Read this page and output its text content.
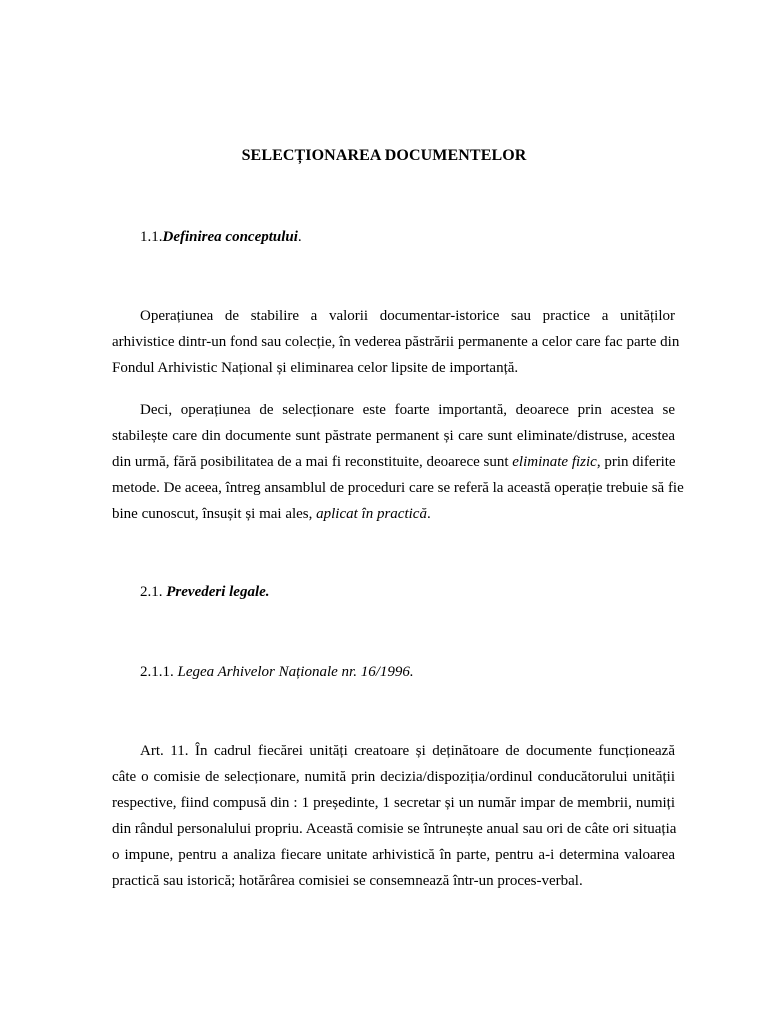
SELECȚIONAREA DOCUMENTELOR
1.1.Definirea conceptului.
Operațiunea de stabilire a valorii documentar-istorice sau practice a unităților
arhivistice dintr-un fond sau colecție, în vederea păstrării permanente a celor care fac parte din
Fondul Arhivistic Național și eliminarea celor lipsite de importanță.
Deci, operațiunea de selecționare este foarte importantă, deoarece prin acestea se
stabilește care din documente sunt păstrate permanent și care sunt eliminate/distruse, acestea
din urmă, fără posibilitatea de a mai fi reconstituite, deoarece sunt eliminate fizic, prin diferite
metode. De aceea, întreg ansamblul de proceduri care se referă la această operație trebuie să fie
bine cunoscut, însușit și mai ales, aplicat în practică.
2.1. Prevederi legale.
2.1.1. Legea Arhivelor Naționale nr. 16/1996.
Art. 11. În cadrul fiecărei unități creatoare și deținătoare de documente funcționează
câte o comisie de selecționare, numită prin decizia/dispoziția/ordinul conducătorului unității
respective, fiind compusă din : 1 președinte, 1 secretar și un număr impar de membrii, numiți
din rândul personalului propriu. Această comisie se întrunește anual sau ori de câte ori situația
o impune, pentru a analiza fiecare unitate arhivistică în parte, pentru a-i determina valoarea
practică sau istorică; hotărârea comisiei se consemnează într-un proces-verbal.
